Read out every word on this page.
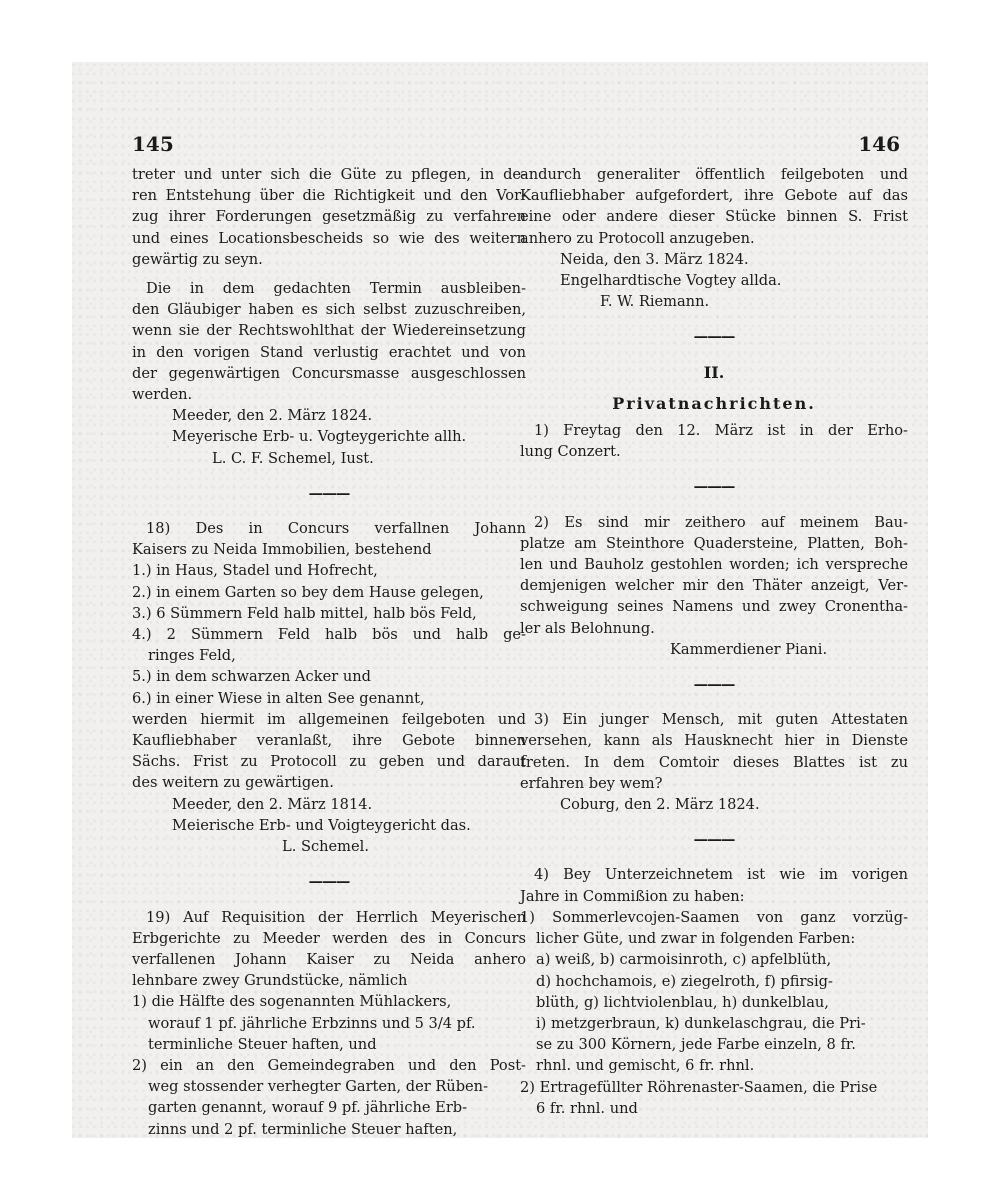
145	146

treter und unter sich die Güte zu pflegen, in de-

ren Entstehung über die Richtigkeit und den Vor-

zug ihrer Forderungen gesetzmäßig zu verfahren

und eines Locationsbescheids so wie des weitern

gewärtig zu seyn.

Die in dem gedachten Termin ausbleiben-

den Gläubiger haben es sich selbst zuzuschreiben,

wenn sie der Rechtswohlthat der Wiedereinsetzung

in den vorigen Stand verlustig erachtet und von

der gegenwärtigen Concursmasse ausgeschlossen

werden.

Meeder, den 2. März 1824.

Meyerische Erb- u. Vogteygerichte allh.

L. C. F. Schemel, Iust.

———

18) Des in Concurs verfallnen Johann

Kaisers zu Neida Immobilien, bestehend

1.) in Haus, Stadel und Hofrecht,

2.) in einem Garten so bey dem Hause gelegen,

3.) 6 Sümmern Feld halb mittel, halb bös Feld,

4.) 2 Sümmern Feld halb bös und halb ge-

ringes Feld,

5.) in dem schwarzen Acker und

6.) in einer Wiese in alten See genannt,

werden hiermit im allgemeinen feilgeboten und

Kaufliebhaber veranlaßt, ihre Gebote binnen

Sächs. Frist zu Protocoll zu geben und darauf

des weitern zu gewärtigen.

Meeder, den 2. März 1814.

Meierische Erb- und Voigteygericht das.

L. Schemel.

———

19) Auf Requisition der Herrlich Meyerischen

Erbgerichte zu Meeder werden des in Concurs

verfallenen Johann Kaiser zu Neida anhero

lehnbare zwey Grundstücke, nämlich

1) die Hälfte des sogenannten Mühlackers,

worauf 1 pf. jährliche Erbzinns und 5 3/4 pf.

terminliche Steuer haften, und

2) ein an den Gemeindegraben und den Post-

weg stossender verhegter Garten, der Rüben-

garten genannt, worauf 9 pf. jährliche Erb-

zinns und 2 pf. terminliche Steuer haften,

andurch generaliter öffentlich feilgeboten und

Kaufliebhaber aufgefordert, ihre Gebote auf das

eine oder andere dieser Stücke binnen S. Frist

anhero zu Protocoll anzugeben.

Neida, den 3. März 1824.

Engelhardtische Vogtey allda.

F. W. Riemann.

———

II.

Privatnachrichten.

1) Freytag den 12. März ist in der Erho-

lung Conzert.

———

2) Es sind mir zeithero auf meinem Bau-

platze am Steinthore Quadersteine, Platten, Boh-

len und Bauholz gestohlen worden; ich verspreche

demjenigen welcher mir den Thäter anzeigt, Ver-

schweigung seines Namens und zwey Cronentha-

ler als Belohnung.

Kammerdiener Piani.

———

3) Ein junger Mensch, mit guten Attestaten

versehen, kann als Hausknecht hier in Dienste

treten. In dem Comtoir dieses Blattes ist zu

erfahren bey wem?

Coburg, den 2. März 1824.

———

4) Bey Unterzeichnetem ist wie im vorigen

Jahre in Commißion zu haben:

1) Sommerlevcojen-Saamen von ganz vorzüg-

licher Güte, und zwar in folgenden Farben:

a) weiß, b) carmoisinroth, c) apfelblüth,

d) hochchamois, e) ziegelroth, f) pfirsig-

blüth, g) lichtviolenblau, h) dunkelblau,

i) metzgerbraun, k) dunkelaschgrau, die Pri-

se zu 300 Körnern, jede Farbe einzeln, 8 fr.

rhnl. und gemischt, 6 fr. rhnl.

2) Ertragefüllter Röhrenaster-Saamen, die Prise

6 fr. rhnl. und
